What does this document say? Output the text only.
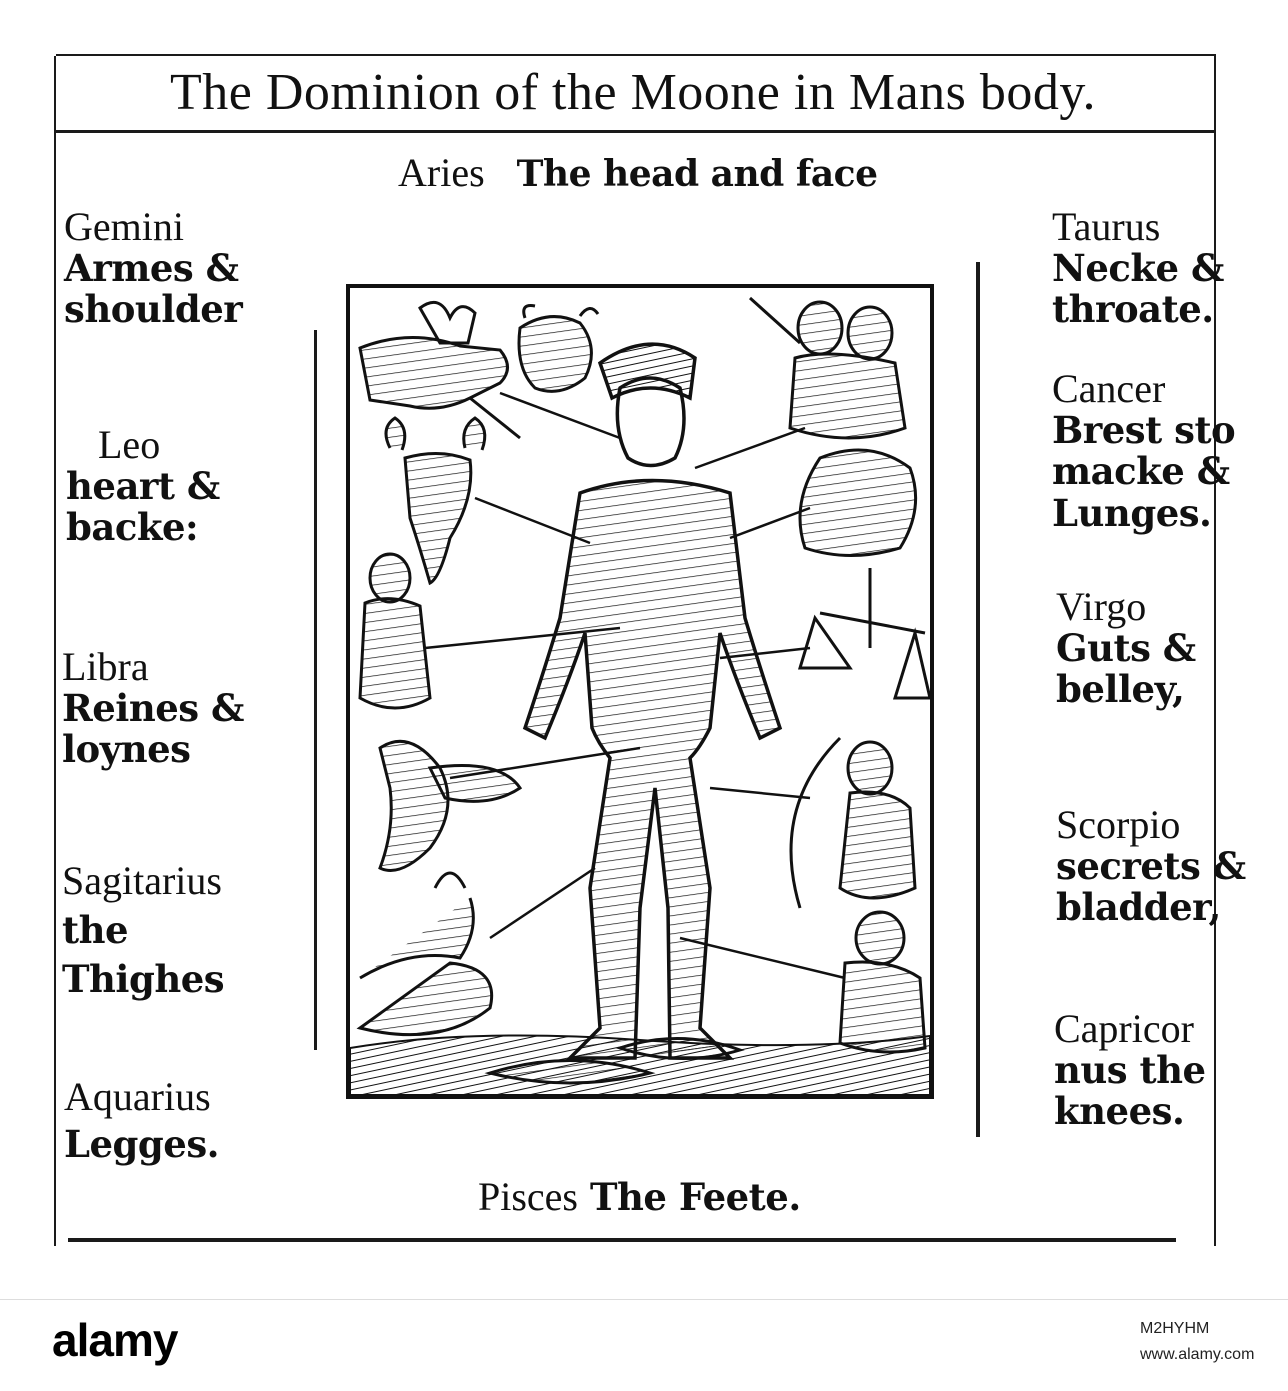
The Dominion of the Moone in Mans body.
Aries The head and face
Gemini
Armes &
shoulder
Leo
heart &
backe:
Libra
Reines &
loynes
Sagitarius
the
Thighes
Aquarius
Legges.
Taurus
Necke &
throate.
Cancer
Brest sto
macke &
Lunges.
Virgo
Guts &
belley,
Scorpio
secrets &
bladder,
Capricor
nus the
knees.
Pisces The Feete.
alamy	M2HYHM
www.alamy.com
